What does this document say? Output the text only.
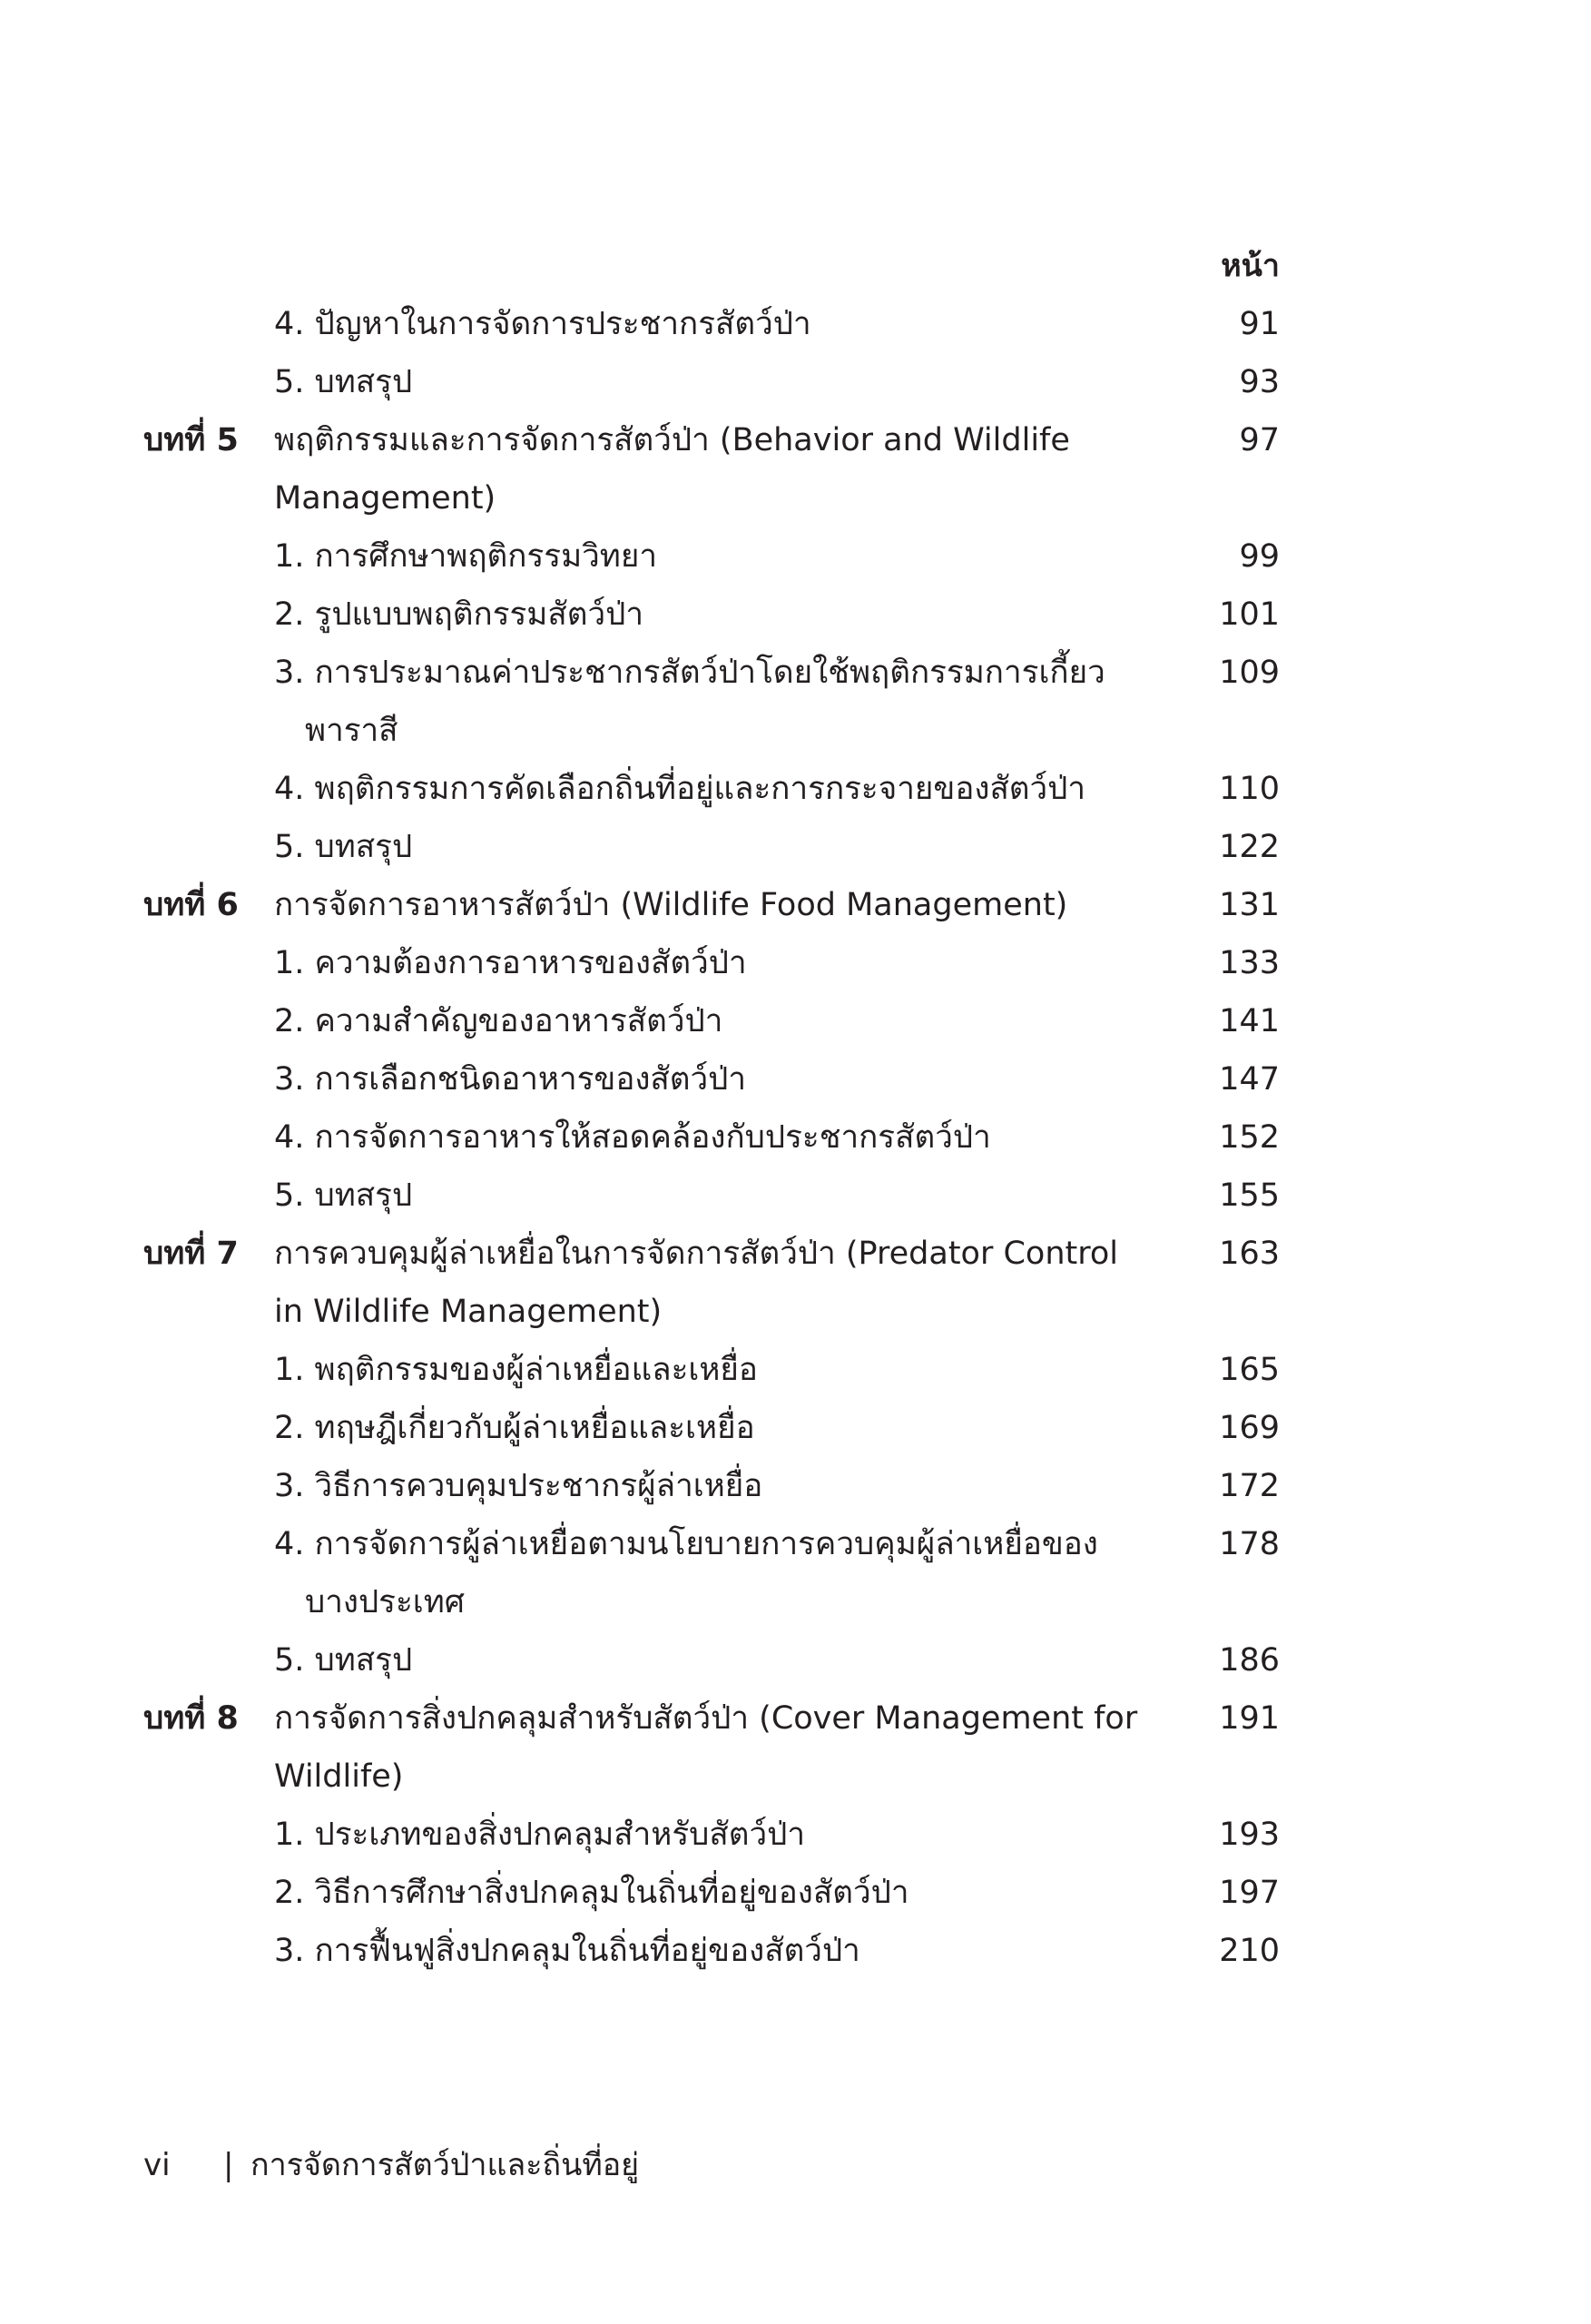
หน้า
4. ปัญหาในการจัดการประชากรสัตว์ป่า	91
5. บทสรุป	93
บทที่ 5	พฤติกรรมและการจัดการสัตว์ป่า (Behavior and Wildlife	97
Management)
1. การศึกษาพฤติกรรมวิทยา	99
2. รูปแบบพฤติกรรมสัตว์ป่า	101
3. การประมาณค่าประชากรสัตว์ป่าโดยใช้พฤติกรรมการเกี้ยว	109
พาราสี
4. พฤติกรรมการคัดเลือกถิ่นที่อยู่และการกระจายของสัตว์ป่า	110
5. บทสรุป	122
บทที่ 6	การจัดการอาหารสัตว์ป่า (Wildlife Food Management)	131
1. ความต้องการอาหารของสัตว์ป่า	133
2. ความสำคัญของอาหารสัตว์ป่า	141
3. การเลือกชนิดอาหารของสัตว์ป่า	147
4. การจัดการอาหารให้สอดคล้องกับประชากรสัตว์ป่า	152
5. บทสรุป	155
บทที่ 7	การควบคุมผู้ล่าเหยื่อในการจัดการสัตว์ป่า (Predator Control	163
in Wildlife Management)
1. พฤติกรรมของผู้ล่าเหยื่อและเหยื่อ	165
2. ทฤษฎีเกี่ยวกับผู้ล่าเหยื่อและเหยื่อ	169
3. วิธีการควบคุมประชากรผู้ล่าเหยื่อ	172
4. การจัดการผู้ล่าเหยื่อตามนโยบายการควบคุมผู้ล่าเหยื่อของ	178
บางประเทศ
5. บทสรุป	186
บทที่ 8	การจัดการสิ่งปกคลุมสำหรับสัตว์ป่า (Cover Management for	191
Wildlife)
1. ประเภทของสิ่งปกคลุมสำหรับสัตว์ป่า	193
2. วิธีการศึกษาสิ่งปกคลุมในถิ่นที่อยู่ของสัตว์ป่า	197
3. การฟื้นฟูสิ่งปกคลุมในถิ่นที่อยู่ของสัตว์ป่า	210
vi | การจัดการสัตว์ป่าและถิ่นที่อยู่
